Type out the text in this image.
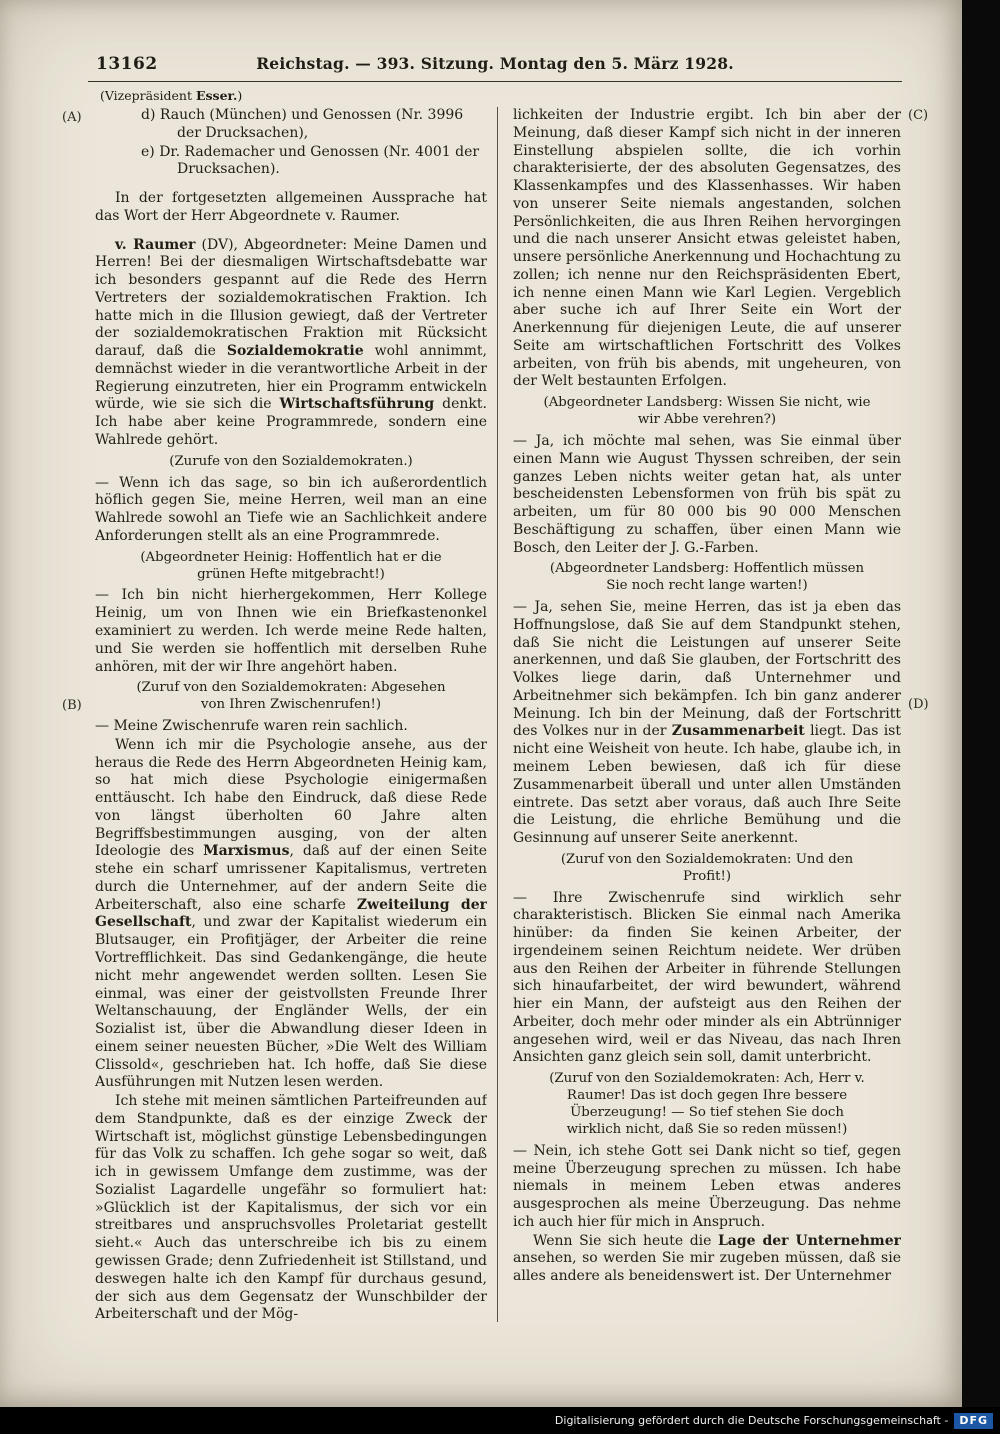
13162	Reichstag. — 393. Sitzung. Montag den 5. März 1928.
(Vizepräsident Esser.)
(A)
(B)
(C)
(D)

d) Rauch (München) und Genossen (Nr. 3996 der Drucksachen),

e) Dr. Rademacher und Genossen (Nr. 4001 der Drucksachen).

In der fortgesetzten allgemeinen Aussprache hat das Wort der Herr Abgeordnete v. Raumer.

v. Raumer (DV), Abgeordneter: Meine Damen und Herren! Bei der diesmaligen Wirtschaftsdebatte war ich besonders gespannt auf die Rede des Herrn Vertreters der sozialdemokratischen Fraktion. Ich hatte mich in die Illusion gewiegt, daß der Vertreter der sozialdemokratischen Fraktion mit Rücksicht darauf, daß die Sozialdemokratie wohl annimmt, demnächst wieder in die verantwortliche Arbeit in der Regierung einzutreten, hier ein Programm entwickeln würde, wie sie sich die Wirtschaftsführung denkt. Ich habe aber keine Programmrede, sondern eine Wahlrede gehört.

(Zurufe von den Sozialdemokraten.)

— Wenn ich das sage, so bin ich außerordentlich höflich gegen Sie, meine Herren, weil man an eine Wahlrede sowohl an Tiefe wie an Sachlichkeit andere Anforderungen stellt als an eine Programmrede.

(Abgeordneter Heinig: Hoffentlich hat er die grünen Hefte mitgebracht!)

— Ich bin nicht hierhergekommen, Herr Kollege Heinig, um von Ihnen wie ein Briefkastenonkel examiniert zu werden. Ich werde meine Rede halten, und Sie werden sie hoffentlich mit derselben Ruhe anhören, mit der wir Ihre angehört haben.

(Zuruf von den Sozialdemokraten: Abgesehen von Ihren Zwischenrufen!)

— Meine Zwischenrufe waren rein sachlich.

Wenn ich mir die Psychologie ansehe, aus der heraus die Rede des Herrn Abgeordneten Heinig kam, so hat mich diese Psychologie einigermaßen enttäuscht. Ich habe den Eindruck, daß diese Rede von längst überholten 60 Jahre alten Begriffsbestimmungen ausging, von der alten Ideologie des Marxismus, daß auf der einen Seite stehe ein scharf umrissener Kapitalismus, vertreten durch die Unternehmer, auf der andern Seite die Arbeiterschaft, also eine scharfe Zweiteilung der Gesellschaft, und zwar der Kapitalist wiederum ein Blutsauger, ein Profitjäger, der Arbeiter die reine Vortrefflichkeit. Das sind Gedankengänge, die heute nicht mehr angewendet werden sollten. Lesen Sie einmal, was einer der geistvollsten Freunde Ihrer Weltanschauung, der Engländer Wells, der ein Sozialist ist, über die Abwandlung dieser Ideen in einem seiner neuesten Bücher, »Die Welt des William Clissold«, geschrieben hat. Ich hoffe, daß Sie diese Ausführungen mit Nutzen lesen werden.

Ich stehe mit meinen sämtlichen Parteifreunden auf dem Standpunkte, daß es der einzige Zweck der Wirtschaft ist, möglichst günstige Lebensbedingungen für das Volk zu schaffen. Ich gehe sogar so weit, daß ich in gewissem Umfange dem zustimme, was der Sozialist Lagardelle ungefähr so formuliert hat: »Glücklich ist der Kapitalismus, der sich vor ein streitbares und anspruchsvolles Proletariat gestellt sieht.« Auch das unterschreibe ich bis zu einem gewissen Grade; denn Zufriedenheit ist Stillstand, und deswegen halte ich den Kampf für durchaus gesund, der sich aus dem Gegensatz der Wunschbilder der Arbeiterschaft und der Mög-

lichkeiten der Industrie ergibt. Ich bin aber der Meinung, daß dieser Kampf sich nicht in der inneren Einstellung abspielen sollte, die ich vorhin charakterisierte, der des absoluten Gegensatzes, des Klassenkampfes und des Klassenhasses. Wir haben von unserer Seite niemals angestanden, solchen Persönlichkeiten, die aus Ihren Reihen hervorgingen und die nach unserer Ansicht etwas geleistet haben, unsere persönliche Anerkennung und Hochachtung zu zollen; ich nenne nur den Reichspräsidenten Ebert, ich nenne einen Mann wie Karl Legien. Vergeblich aber suche ich auf Ihrer Seite ein Wort der Anerkennung für diejenigen Leute, die auf unserer Seite am wirtschaftlichen Fortschritt des Volkes arbeiten, von früh bis abends, mit ungeheuren, von der Welt bestaunten Erfolgen.

(Abgeordneter Landsberg: Wissen Sie nicht, wie wir Abbe verehren?)

— Ja, ich möchte mal sehen, was Sie einmal über einen Mann wie August Thyssen schreiben, der sein ganzes Leben nichts weiter getan hat, als unter bescheidensten Lebensformen von früh bis spät zu arbeiten, um für 80 000 bis 90 000 Menschen Beschäftigung zu schaffen, über einen Mann wie Bosch, den Leiter der J. G.-Farben.

(Abgeordneter Landsberg: Hoffentlich müssen Sie noch recht lange warten!)

— Ja, sehen Sie, meine Herren, das ist ja eben das Hoffnungslose, daß Sie auf dem Standpunkt stehen, daß Sie nicht die Leistungen auf unserer Seite anerkennen, und daß Sie glauben, der Fortschritt des Volkes liege darin, daß Unternehmer und Arbeitnehmer sich bekämpfen. Ich bin ganz anderer Meinung. Ich bin der Meinung, daß der Fortschritt des Volkes nur in der Zusammenarbeit liegt. Das ist nicht eine Weisheit von heute. Ich habe, glaube ich, in meinem Leben bewiesen, daß ich für diese Zusammenarbeit überall und unter allen Umständen eintrete. Das setzt aber voraus, daß auch Ihre Seite die Leistung, die ehrliche Bemühung und die Gesinnung auf unserer Seite anerkennt.

(Zuruf von den Sozialdemokraten: Und den Profit!)

— Ihre Zwischenrufe sind wirklich sehr charakteristisch. Blicken Sie einmal nach Amerika hinüber: da finden Sie keinen Arbeiter, der irgendeinem seinen Reichtum neidete. Wer drüben aus den Reihen der Arbeiter in führende Stellungen sich hinaufarbeitet, der wird bewundert, während hier ein Mann, der aufsteigt aus den Reihen der Arbeiter, doch mehr oder minder als ein Abtrünniger angesehen wird, weil er das Niveau, das nach Ihren Ansichten ganz gleich sein soll, damit unterbricht.

(Zuruf von den Sozialdemokraten: Ach, Herr v. Raumer! Das ist doch gegen Ihre bessere Überzeugung! — So tief stehen Sie doch wirklich nicht, daß Sie so reden müssen!)

— Nein, ich stehe Gott sei Dank nicht so tief, gegen meine Überzeugung sprechen zu müssen. Ich habe niemals in meinem Leben etwas anderes ausgesprochen als meine Überzeugung. Das nehme ich auch hier für mich in Anspruch.

Wenn Sie sich heute die Lage der Unternehmer ansehen, so werden Sie mir zugeben müssen, daß sie alles andere als beneidenswert ist. Der Unternehmer

Digitalisierung gefördert durch die Deutsche Forschungsgemeinschaft -	DFG
